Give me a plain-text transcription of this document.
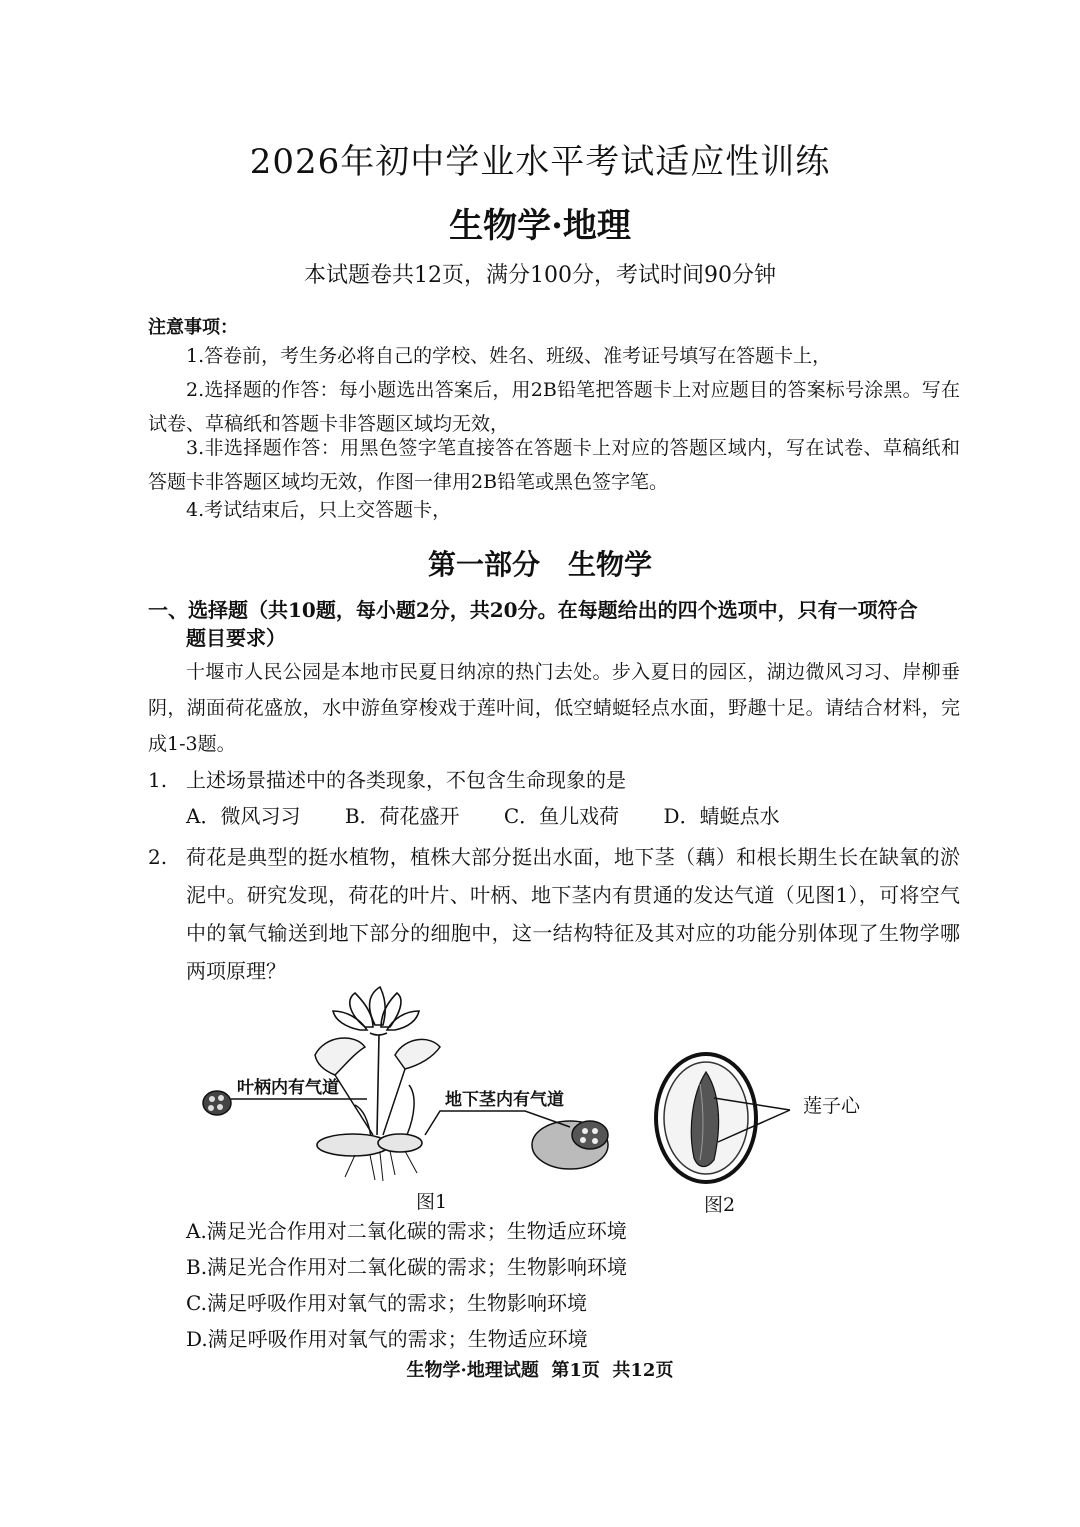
2026年初中学业水平考试适应性训练
生物学·地理
本试题卷共12页，满分100分，考试时间90分钟
注意事项：
1.答卷前，考生务必将自己的学校、姓名、班级、准考证号填写在答题卡上，
2.选择题的作答：每小题选出答案后，用2B铅笔把答题卡上对应题目的答案标号涂黑。写在试卷、草稿纸和答题卡非答题区域均无效，
3.非选择题作答：用黑色签字笔直接答在答题卡上对应的答题区域内，写在试卷、草稿纸和答题卡非答题区域均无效，作图一律用2B铅笔或黑色签字笔。
4.考试结束后，只上交答题卡，
第一部分 生物学
一、选择题（共10题，每小题2分，共20分。在每题给出的四个选项中，只有一项符合
题目要求）
十堰市人民公园是本地市民夏日纳凉的热门去处。步入夏日的园区，湖边微风习习、岸柳垂阴，湖面荷花盛放，水中游鱼穿梭戏于莲叶间，低空蜻蜓轻点水面，野趣十足。请结合材料，完成1-3题。
1. 上述场景描述中的各类现象，不包含生命现象的是
A．微风习习 B．荷花盛开 C．鱼儿戏荷 D．蜻蜓点水
2. 荷花是典型的挺水植物，植株大部分挺出水面，地下茎（藕）和根长期生长在缺氧的淤泥中。研究发现，荷花的叶片、叶柄、地下茎内有贯通的发达气道（见图1），可将空气中的氧气输送到地下部分的细胞中，这一结构特征及其对应的功能分别体现了生物学哪两项原理？
叶柄内有气道
地下茎内有气道
图1
莲子心
图2
A.满足光合作用对二氧化碳的需求；生物适应环境
B.满足光合作用对二氧化碳的需求；生物影响环境
C.满足呼吸作用对氧气的需求；生物影响环境
D.满足呼吸作用对氧气的需求；生物适应环境
生物学·地理试题  第1页  共12页
